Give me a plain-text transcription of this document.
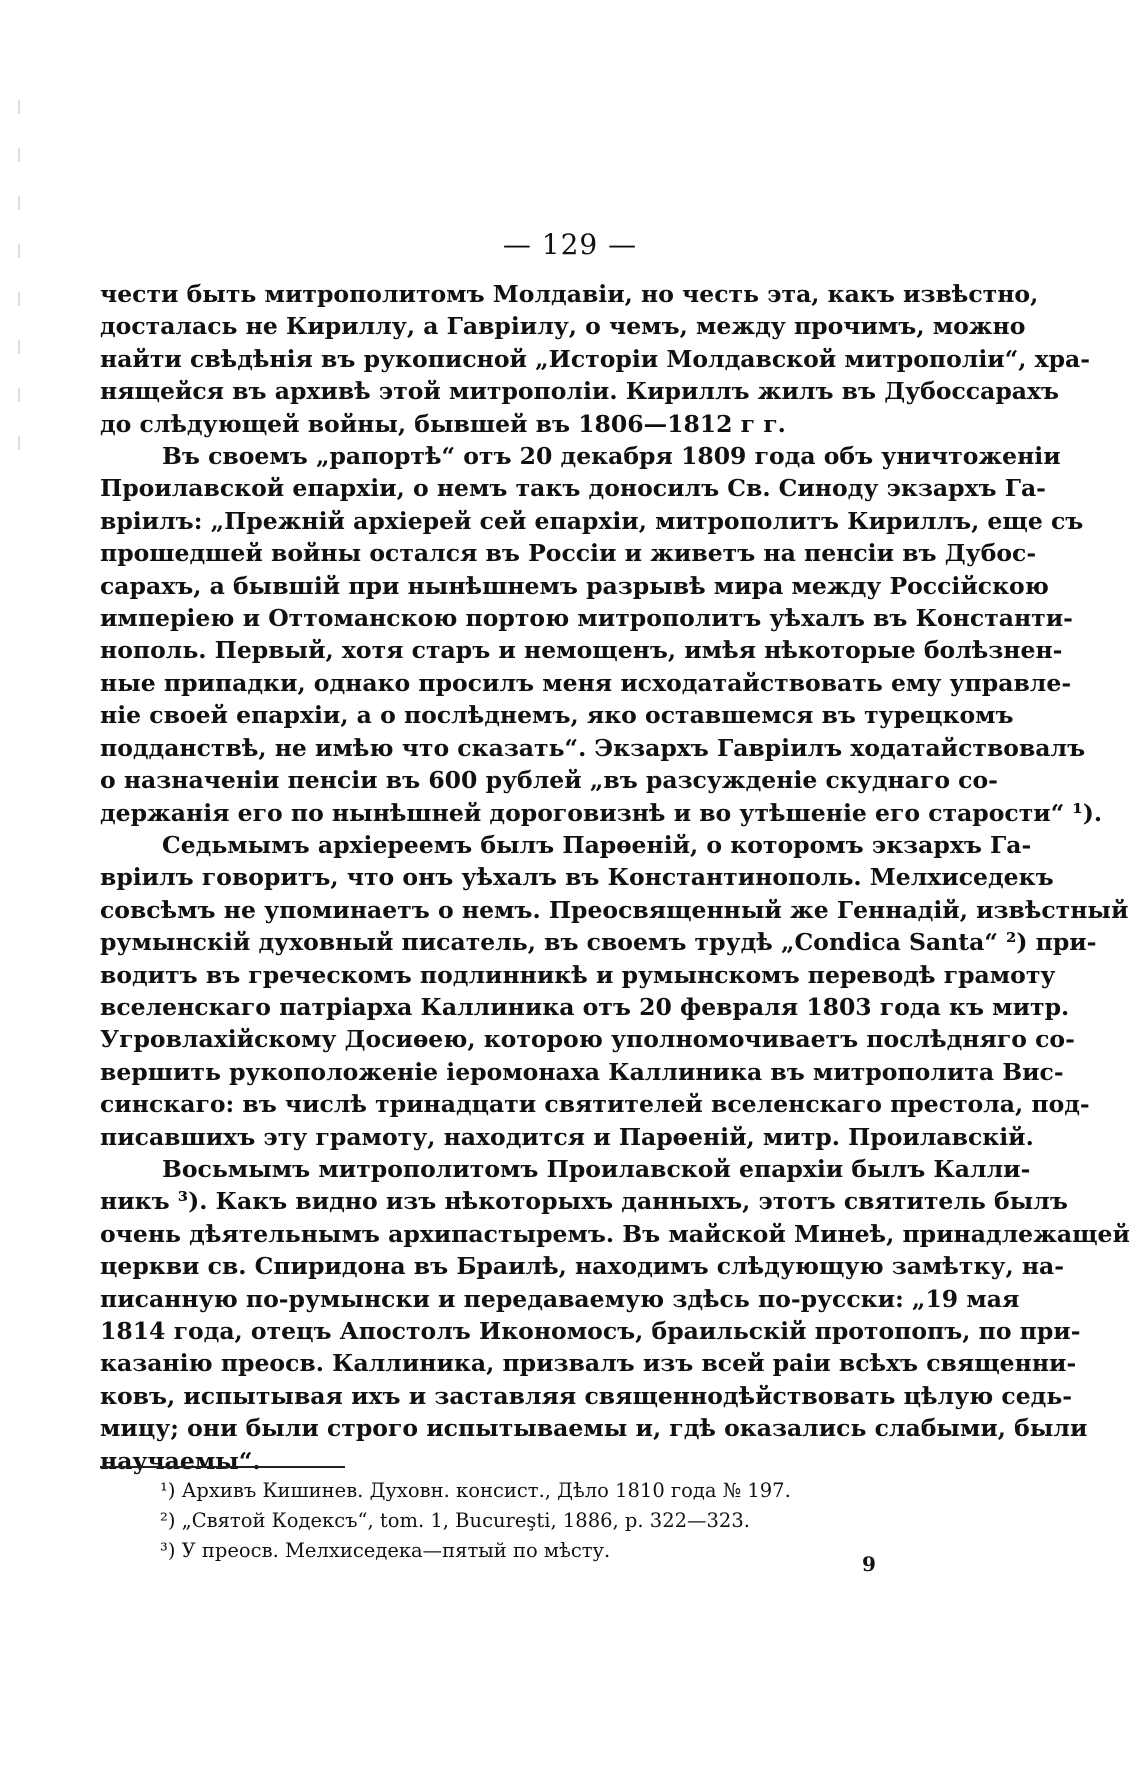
— 129 —
чести быть митрополитомъ Молдавіи, но честь эта, какъ извѣстно,
досталась не Кириллу, а Гавріилу, о чемъ, между прочимъ, можно
найти свѣдѣнія въ рукописной „Исторіи Молдавской митрополіи“, хра-
нящейся въ архивѣ этой митрополіи. Кириллъ жилъ въ Дубоссарахъ
до слѣдующей войны, бывшей въ 1806—1812 г г.
Въ своемъ „рапортѣ“ отъ 20 декабря 1809 года объ уничтоженіи
Проилавской епархіи, о немъ такъ доносилъ Св. Синоду экзархъ Га-
вріилъ: „Прежній архіерей сей епархіи, митрополитъ Кириллъ, еще съ
прошедшей войны остался въ Россіи и живетъ на пенсіи въ Дубос-
сарахъ, а бывшій при нынѣшнемъ разрывѣ мира между Россійскою
имперіею и Оттоманскою портою митрополитъ уѣхалъ въ Константи-
нополь. Первый, хотя старъ и немощенъ, имѣя нѣкоторые болѣзнен-
ные припадки, однако просилъ меня исходатайствовать ему управле-
ніе своей епархіи, а о послѣднемъ, яко оставшемся въ турецкомъ
подданствѣ, не имѣю что сказать“. Экзархъ Гавріилъ ходатайствовалъ
о назначеніи пенсіи въ 600 рублей „въ разсужденіе скуднаго со-
держанія его по нынѣшней дороговизнѣ и во утѣшеніе его старости“ ¹).
Седьмымъ архіереемъ былъ Парѳеній, о которомъ экзархъ Га-
вріилъ говоритъ, что онъ уѣхалъ въ Константинополь. Мелхиседекъ
совсѣмъ не упоминаетъ о немъ. Преосвященный же Геннадій, извѣстный
румынскій духовный писатель, въ своемъ трудѣ „Condica Santa“ ²) при-
водитъ въ греческомъ подлинникѣ и румынскомъ переводѣ грамоту
вселенскаго патріарха Каллиника отъ 20 февраля 1803 года къ митр.
Угровлахійскому Досиѳею, которою уполномочиваетъ послѣдняго со-
вершить рукоположеніе іеромонаха Каллиника въ митрополита Вис-
синскаго: въ числѣ тринадцати святителей вселенскаго престола, под-
писавшихъ эту грамоту, находится и Парѳеній, митр. Проилавскій.
Восьмымъ митрополитомъ Проилавской епархіи былъ Калли-
никъ ³). Какъ видно изъ нѣкоторыхъ данныхъ, этотъ святитель былъ
очень дѣятельнымъ архипастыремъ. Въ майской Минеѣ, принадлежащей
церкви св. Спиридона въ Браилѣ, находимъ слѣдующую замѣтку, на-
писанную по-румынски и передаваемую здѣсь по-русски: „19 мая
1814 года, отецъ Апостолъ Икономосъ, браильскій протопопъ, по при-
казанію преосв. Каллиника, призвалъ изъ всей раіи всѣхъ священни-
ковъ, испытывая ихъ и заставляя священнодѣйствовать цѣлую седь-
мицу; они были строго испытываемы и, гдѣ оказались слабыми, были
научаемы“.
¹) Архивъ Кишинев. Духовн. консист., Дѣло 1810 года № 197.
²) „Святой Кодексъ“, tom. 1, Bucureşti, 1886, p. 322—323.
³) У преосв. Мелхиседека—пятый по мѣсту.
9
